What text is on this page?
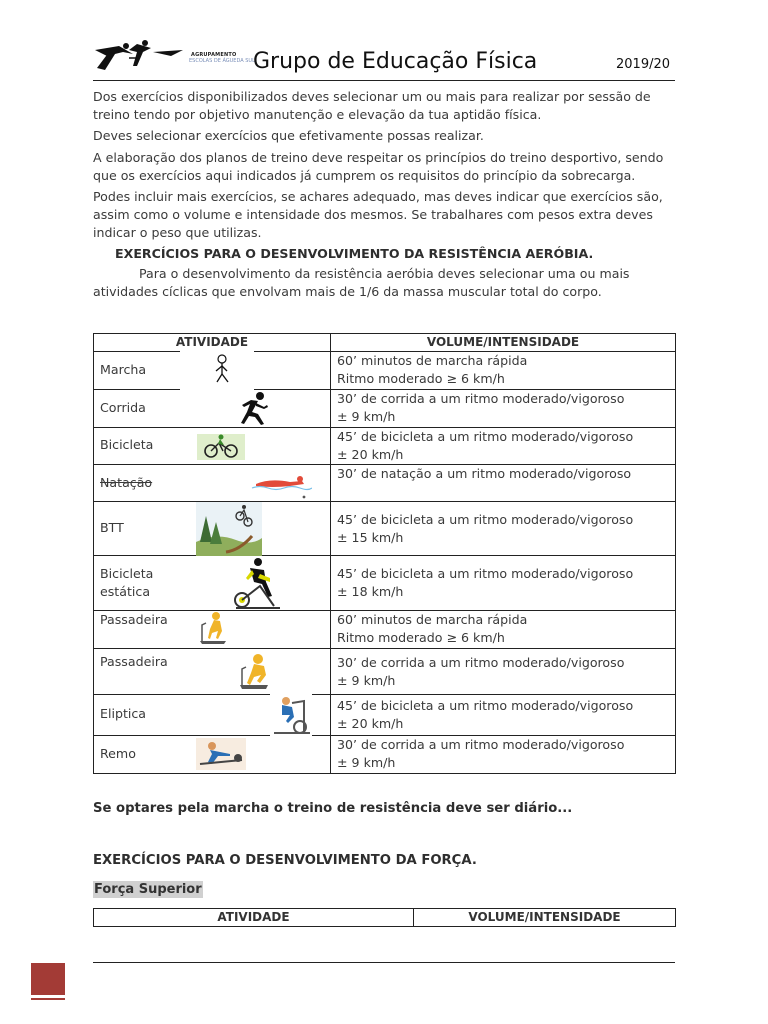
AGRUPAMENTO
ESCOLAS DE ÁGUEDA SUL
Grupo de Educação Física	2019/20
Dos exercícios disponibilizados deves selecionar um ou mais para realizar por sessão de treino tendo por objetivo manutenção e elevação da tua aptidão física.
Deves selecionar exercícios que efetivamente possas realizar.
A elaboração dos planos de treino deve respeitar os princípios do treino desportivo, sendo que os exercícios aqui indicados já cumprem os requisitos do princípio da sobrecarga.
Podes incluir mais exercícios, se achares adequado, mas deves indicar que exercícios são, assim como o volume e intensidade dos mesmos. Se trabalhares com pesos extra deves indicar o peso que utilizas.
EXERCÍCIOS PARA O DESENVOLVIMENTO DA RESISTÊNCIA AERÓBIA.
Para o desenvolvimento da resistência aeróbia deves selecionar uma ou mais atividades cíclicas que envolvam mais de 1/6 da massa muscular total do corpo.
ATIVIDADE	VOLUME/INTENSIDADE

Marcha	60’ minutos de marcha rápida
Ritmo moderado ≥ 6 km/h

Corrida	30’ de corrida a um ritmo moderado/vigoroso
± 9 km/h

Bicicleta	45’ de bicicleta a um ritmo moderado/vigoroso
± 20 km/h

Natação	30’ de natação a um ritmo moderado/vigoroso

BTT	45’ de bicicleta a um ritmo moderado/vigoroso
± 15 km/h

Bicicleta estática	45’ de bicicleta a um ritmo moderado/vigoroso
± 18 km/h

Passadeira	60’ minutos de marcha rápida
Ritmo moderado ≥ 6 km/h

Passadeira	30’ de corrida a um ritmo moderado/vigoroso
± 9 km/h

Eliptica	45’ de bicicleta a um ritmo moderado/vigoroso
± 20 km/h

Remo	30’ de corrida a um ritmo moderado/vigoroso
± 9 km/h
Se optares pela marcha o treino de resistência deve ser diário...
EXERCÍCIOS PARA O DESENVOLVIMENTO DA FORÇA.
Força Superior
ATIVIDADE	VOLUME/INTENSIDADE
